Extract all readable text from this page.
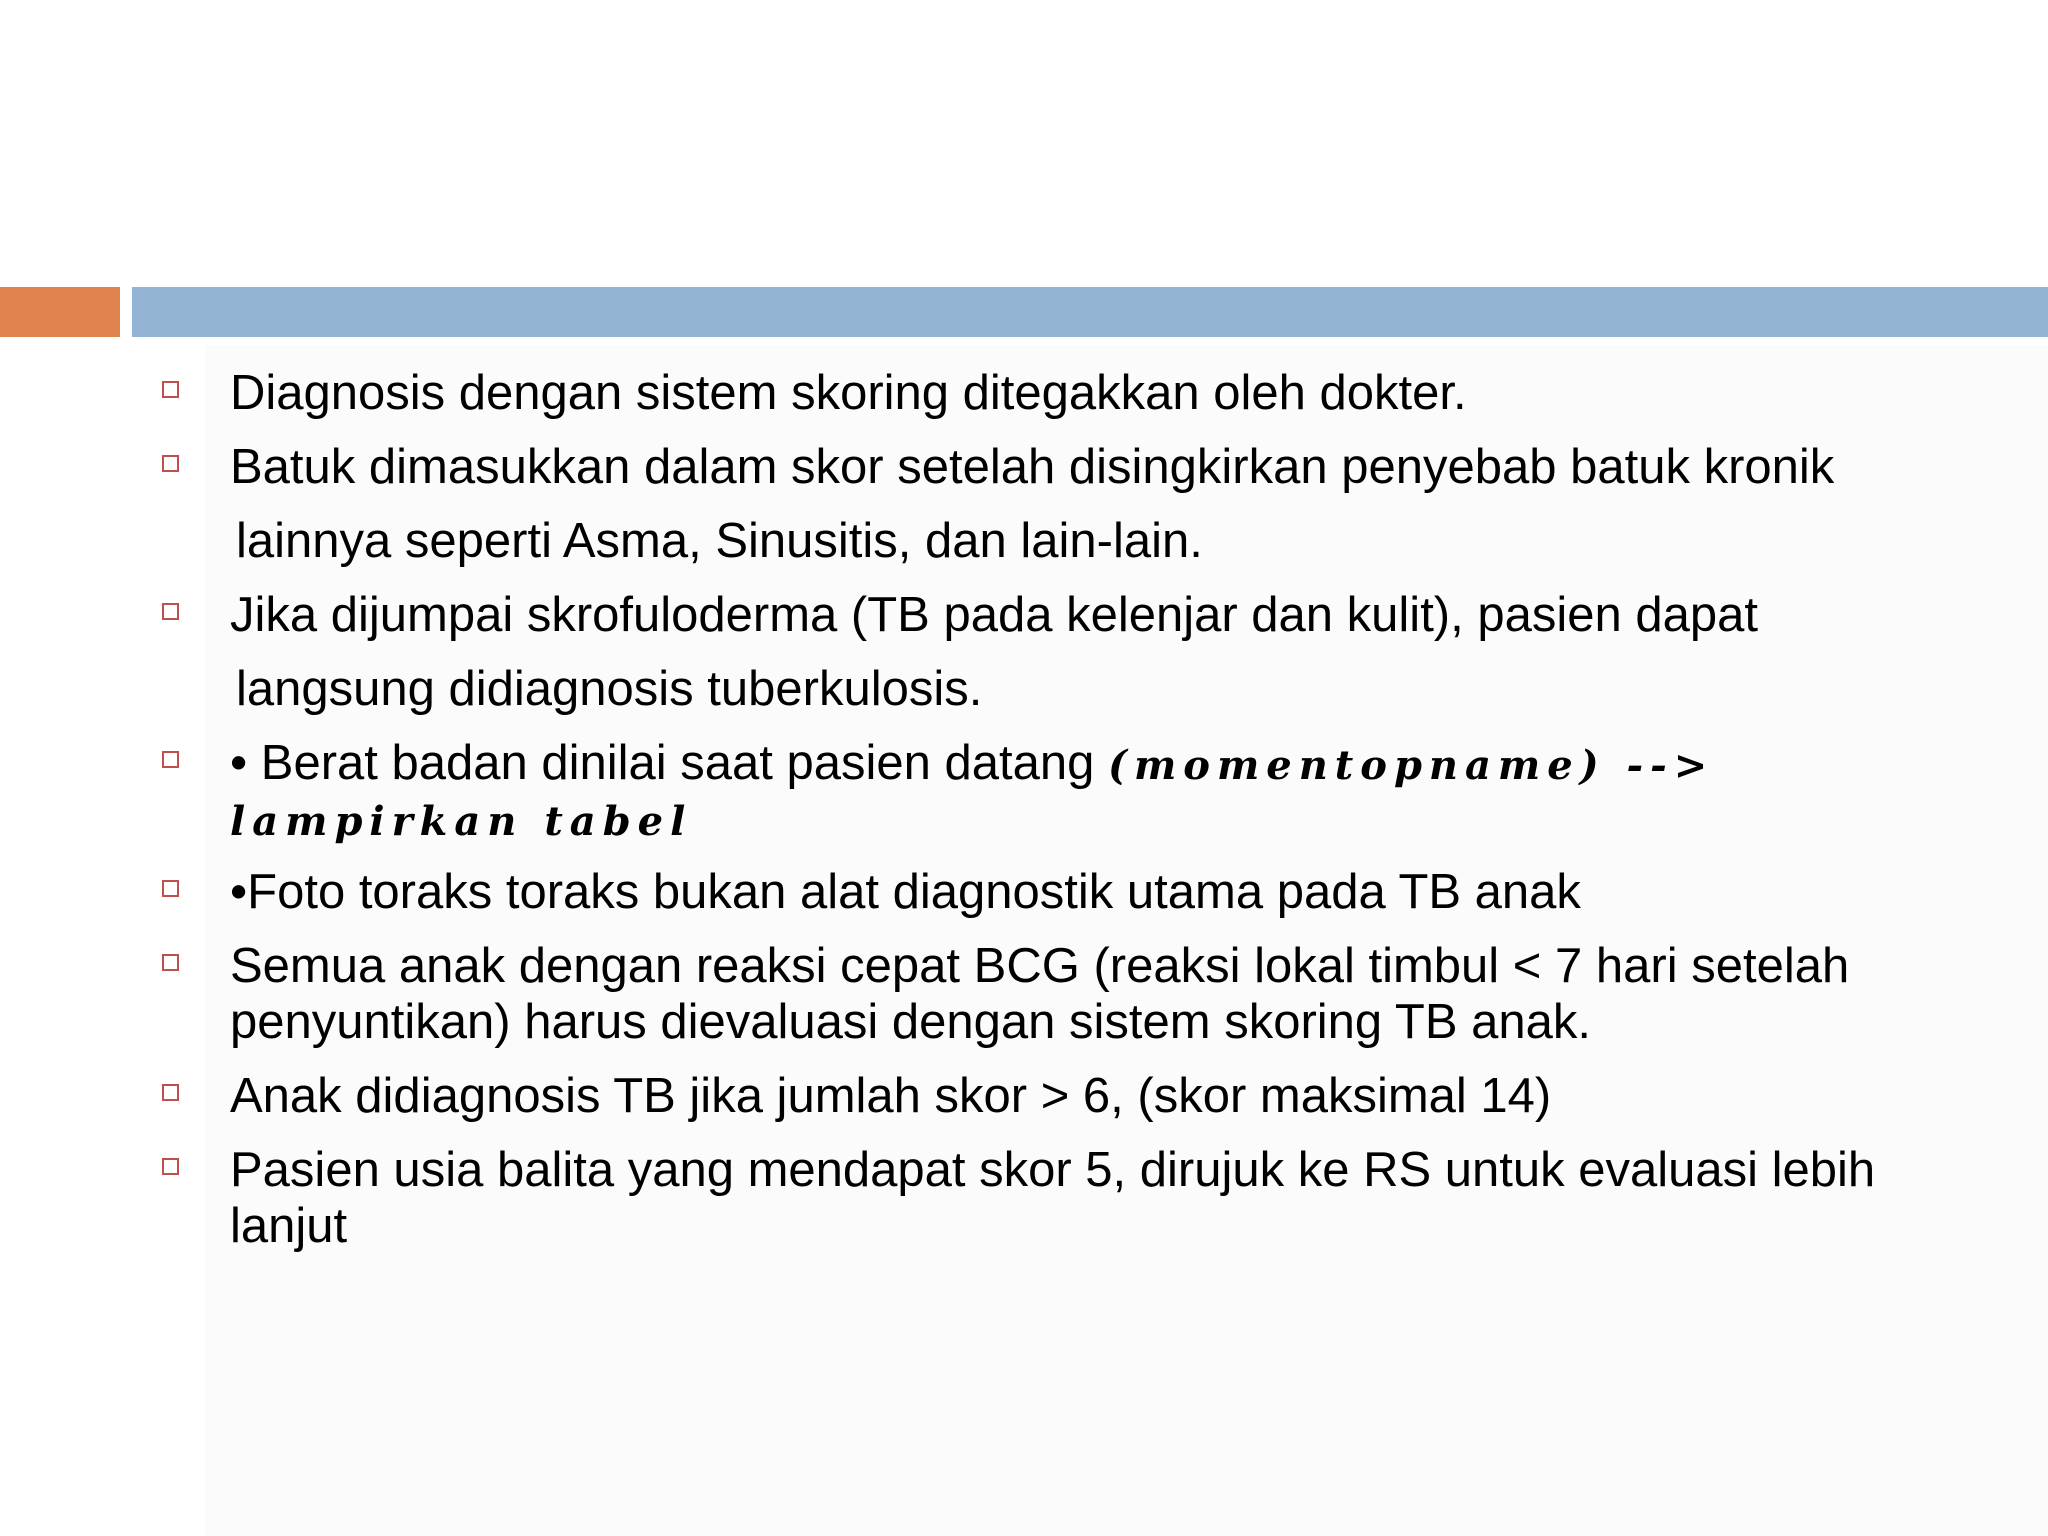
Diagnosis dengan sistem skoring ditegakkan oleh dokter.
Batuk dimasukkan dalam skor setelah disingkirkan penyebab batuk kronik
lainnya seperti Asma, Sinusitis, dan lain-lain.
Jika dijumpai skrofuloderma (TB pada kelenjar dan kulit), pasien dapat
langsung didiagnosis tuberkulosis.
• Berat badan dinilai saat pasien datang (momentopname) -->
lampirkan tabel
•Foto toraks toraks bukan alat diagnostik utama pada TB anak
Semua anak dengan reaksi cepat BCG (reaksi lokal timbul < 7 hari setelah penyuntikan) harus dievaluasi dengan sistem skoring TB anak.
Anak didiagnosis TB jika jumlah skor > 6, (skor maksimal 14)
Pasien usia balita yang mendapat skor 5, dirujuk ke RS untuk evaluasi lebih lanjut
